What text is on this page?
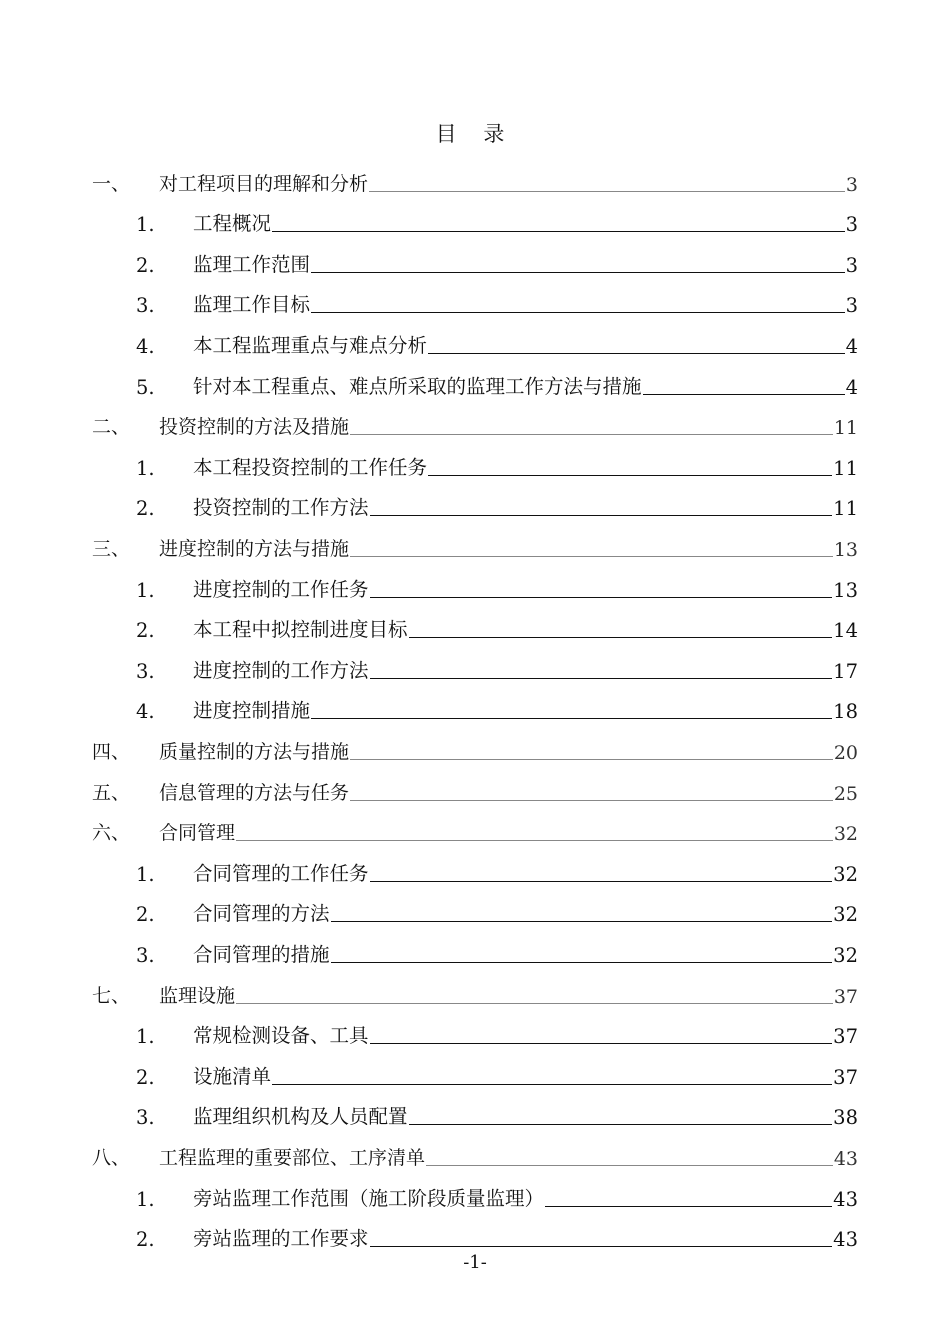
目 录
一、	对工程项目的理解和分析	3
1.	工程概况	3
2.	监理工作范围	3
3.	监理工作目标	3
4.	本工程监理重点与难点分析	4
5.	针对本工程重点、难点所采取的监理工作方法与措施	4
二、	投资控制的方法及措施	11
1.	本工程投资控制的工作任务	11
2.	投资控制的工作方法	11
三、	进度控制的方法与措施	13
1.	进度控制的工作任务	13
2.	本工程中拟控制进度目标	14
3.	进度控制的工作方法	17
4.	进度控制措施	18
四、	质量控制的方法与措施	20
五、	信息管理的方法与任务	25
六、	合同管理	32
1.	合同管理的工作任务	32
2.	合同管理的方法	32
3.	合同管理的措施	32
七、	监理设施	37
1.	常规检测设备、工具	37
2.	设施清单	37
3.	监理组织机构及人员配置	38
八、	工程监理的重要部位、工序清单	43
1.	旁站监理工作范围（施工阶段质量监理）	43
2.	旁站监理的工作要求	43
-1-
